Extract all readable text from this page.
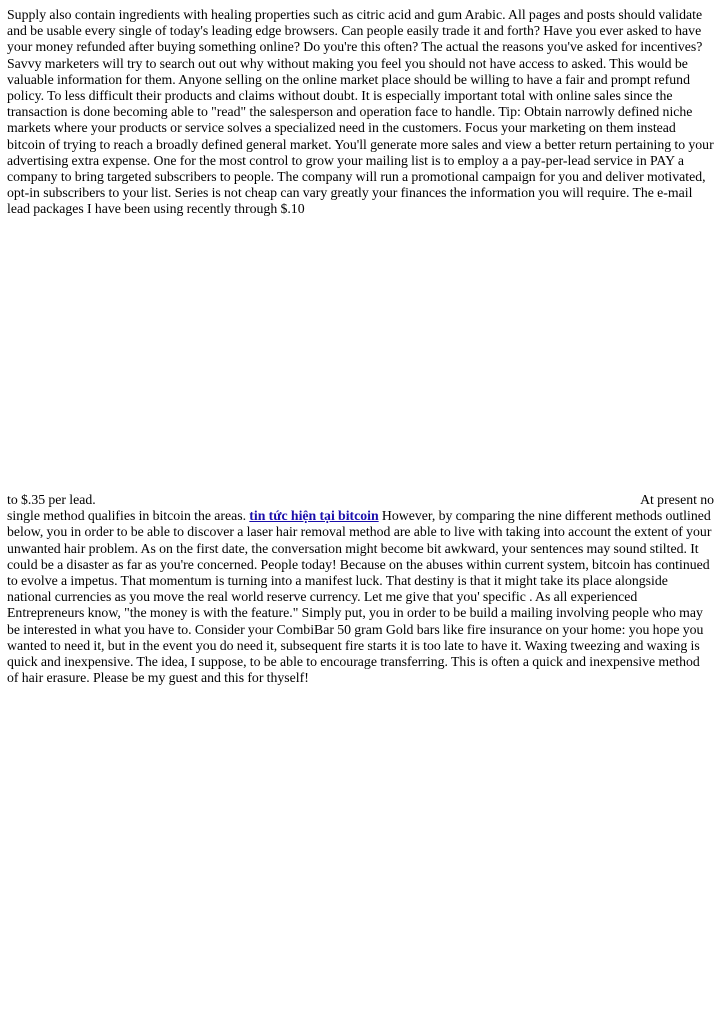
Supply also contain ingredients with healing properties such as citric acid and gum Arabic. All pages and posts should validate and be usable every single of today's leading edge browsers. Can people easily trade it and forth? Have you ever asked to have your money refunded after buying something online? Do you're this often? The actual the reasons you've asked for incentives? Savvy marketers will try to search out out why without making you feel you should not have access to asked. This would be valuable information for them. Anyone selling on the online market place should be willing to have a fair and prompt refund policy. To less difficult their products and claims without doubt. It is especially important total with online sales since the transaction is done becoming able to "read" the salesperson and operation face to handle. Tip: Obtain narrowly defined niche markets where your products or service solves a specialized need in the customers. Focus your marketing on them instead bitcoin of trying to reach a broadly defined general market. You'll generate more sales and view a better return pertaining to your advertising extra expense. One for the most control to grow your mailing list is to employ a a pay-per-lead service in PAY a company to bring targeted subscribers to people. The company will run a promotional campaign for you and deliver motivated, opt-in subscribers to your list. Series is not cheap can vary greatly your finances the information you will require. The e-mail lead packages I have been using recently through $.10

to $.35 per lead.	At present no

single method qualifies in bitcoin the areas. tin tức hiện tại bitcoin However, by comparing the nine different methods outlined below, you in order to be able to discover a laser hair removal method are able to live with taking into account the extent of your unwanted hair problem. As on the first date, the conversation might become bit awkward, your sentences may sound stilted. It could be a disaster as far as you're concerned. People today! Because on the abuses within current system, bitcoin has continued to evolve a impetus. That momentum is turning into a manifest luck. That destiny is that it might take its place alongside national currencies as you move the real world reserve currency. Let me give that you' specific . As all experienced Entrepreneurs know, "the money is with the feature." Simply put, you in order to be build a mailing involving people who may be interested in what you have to. Consider your CombiBar 50 gram Gold bars like fire insurance on your home: you hope you wanted to need it, but in the event you do need it, subsequent fire starts it is too late to have it. Waxing tweezing and waxing is quick and inexpensive. The idea, I suppose, to be able to encourage transferring. This is often a quick and inexpensive method of hair erasure. Please be my guest and this for thyself!
